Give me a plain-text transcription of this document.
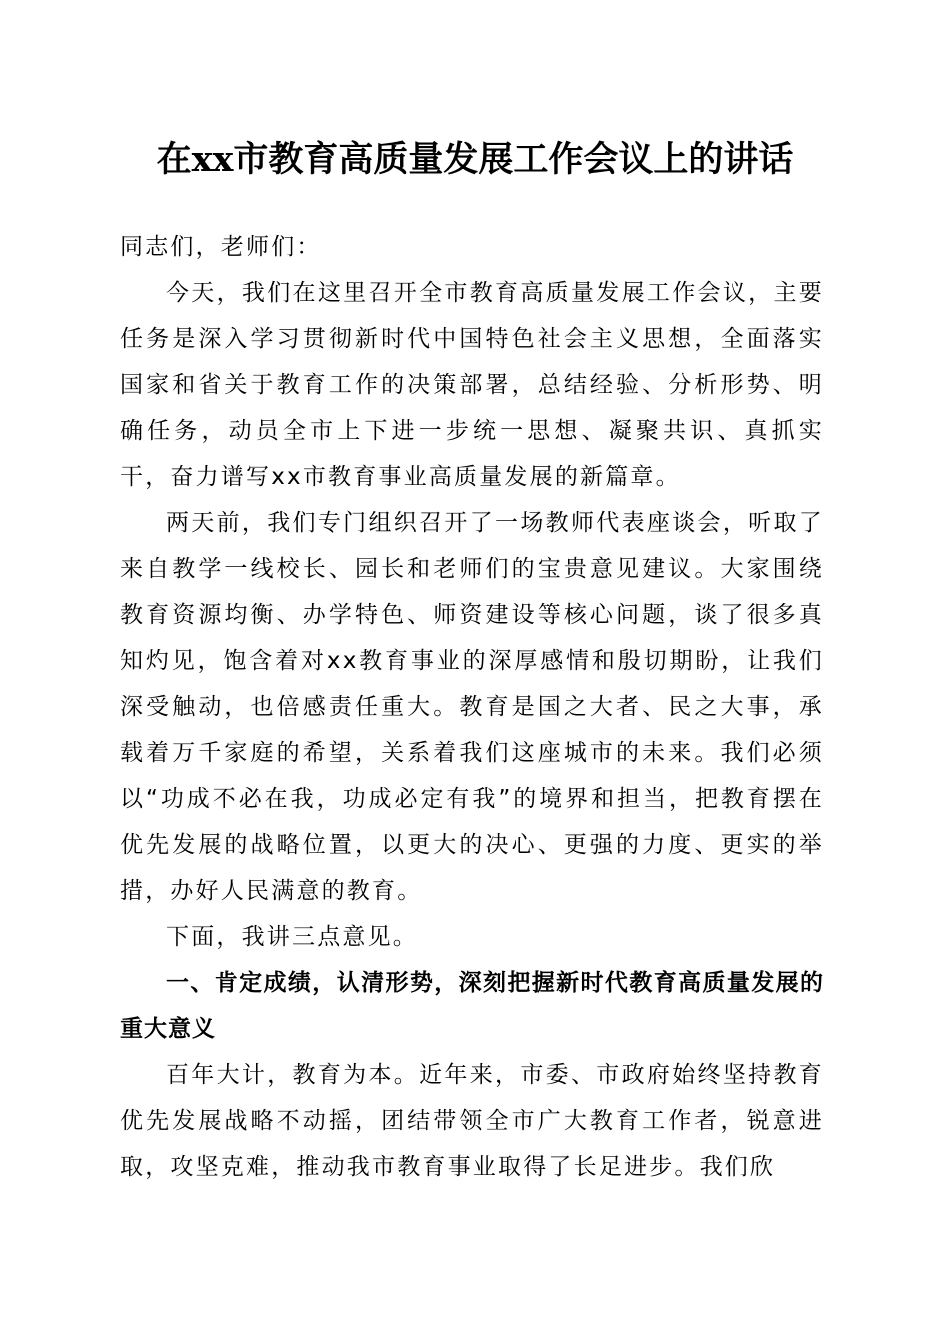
在xx市教育高质量发展工作会议上的讲话

同志们，老师们：

今天，我们在这里召开全市教育高质量发展工作会议，主要任务是深入学习贯彻新时代中国特色社会主义思想，全面落实国家和省关于教育工作的决策部署，总结经验、分析形势、明确任务，动员全市上下进一步统一思想、凝聚共识、真抓实干，奋力谱写xx市教育事业高质量发展的新篇章。

两天前，我们专门组织召开了一场教师代表座谈会，听取了来自教学一线校长、园长和老师们的宝贵意见建议。大家围绕教育资源均衡、办学特色、师资建设等核心问题，谈了很多真知灼见，饱含着对xx教育事业的深厚感情和殷切期盼，让我们深受触动，也倍感责任重大。教育是国之大者、民之大事，承载着万千家庭的希望，关系着我们这座城市的未来。我们必须以“功成不必在我，功成必定有我”的境界和担当，把教育摆在优先发展的战略位置，以更大的决心、更强的力度、更实的举措，办好人民满意的教育。

下面，我讲三点意见。

一、肯定成绩，认清形势，深刻把握新时代教育高质量发展的重大意义

百年大计，教育为本。近年来，市委、市政府始终坚持教育优先发展战略不动摇，团结带领全市广大教育工作者，锐意进取，攻坚克难，推动我市教育事业取得了长足进步。我们欣
